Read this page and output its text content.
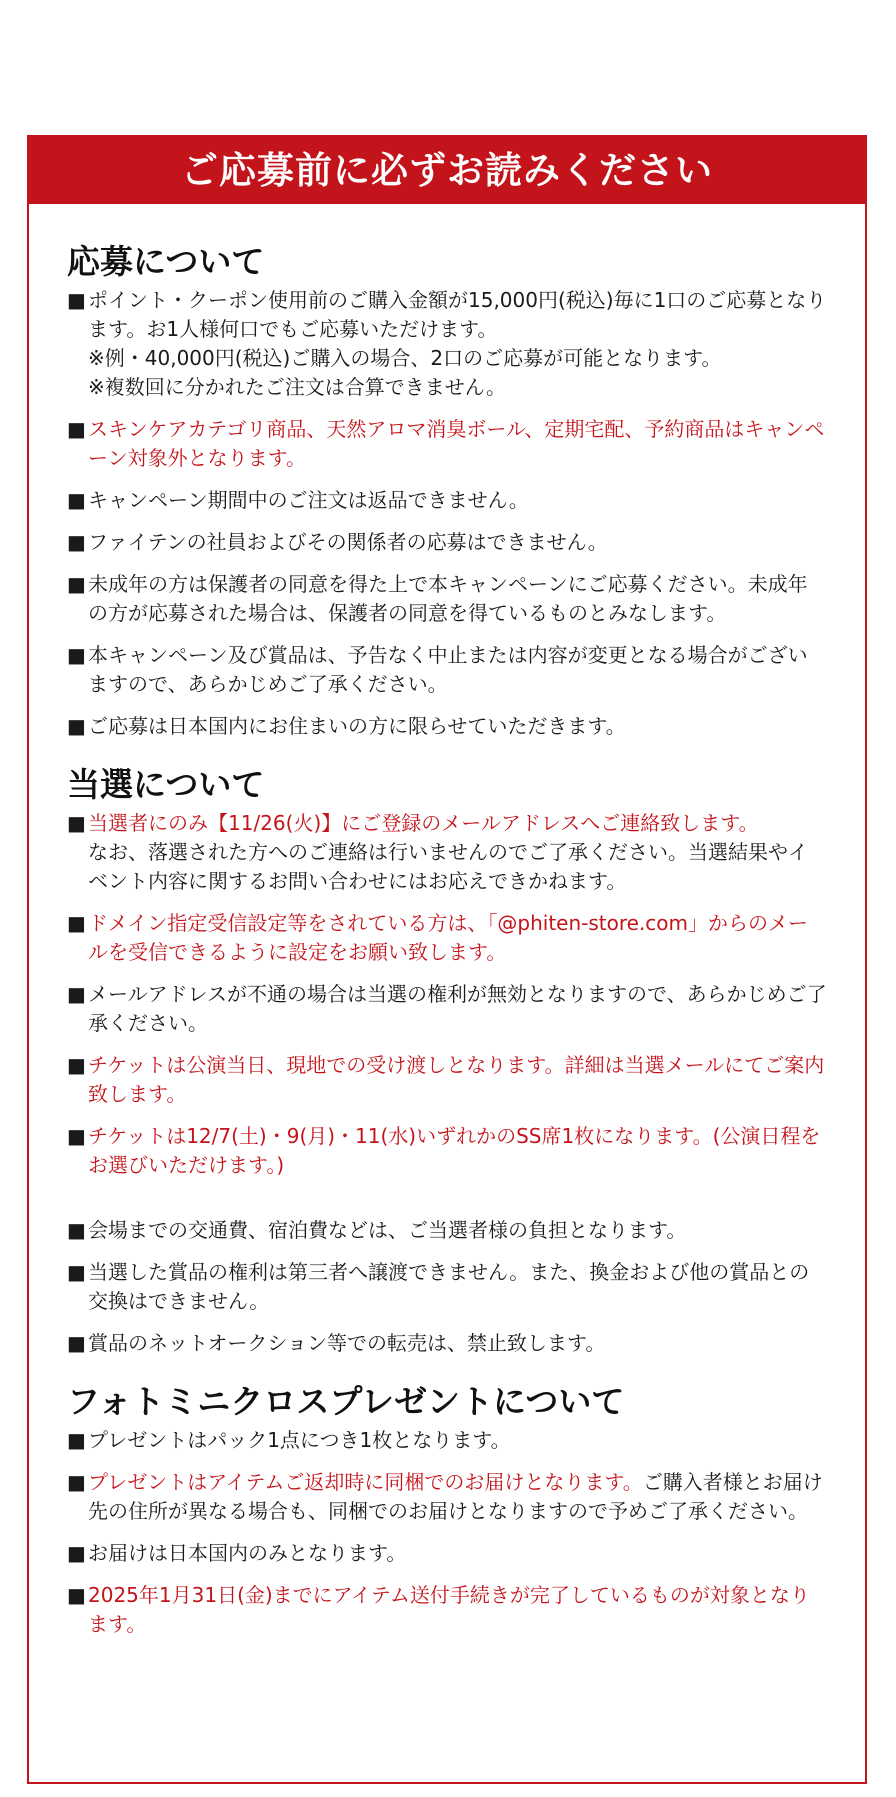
ご応募前に必ずお読みください
応募について
■ ポイント・クーポン使用前のご購入金額が15,000円(税込)毎に1口のご応募となります。お1人様何口でもご応募いただけます。
※例・40,000円(税込)ご購入の場合、2口のご応募が可能となります。
※複数回に分かれたご注文は合算できません。
■ スキンケアカテゴリ商品、天然アロマ消臭ボール、定期宅配、予約商品はキャンペーン対象外となります。
■ キャンペーン期間中のご注文は返品できません。
■ ファイテンの社員およびその関係者の応募はできません。
■ 未成年の方は保護者の同意を得た上で本キャンペーンにご応募ください。未成年の方が応募された場合は、保護者の同意を得ているものとみなします。
■ 本キャンペーン及び賞品は、予告なく中止または内容が変更となる場合がございますので、あらかじめご了承ください。
■ ご応募は日本国内にお住まいの方に限らせていただきます。
当選について
■ 当選者にのみ【11/26(火)】にご登録のメールアドレスへご連絡致します。
なお、落選された方へのご連絡は行いませんのでご了承ください。当選結果やイベント内容に関するお問い合わせにはお応えできかねます。
■ ドメイン指定受信設定等をされている方は、「@phiten-store.com」からのメールを受信できるように設定をお願い致します。
■ メールアドレスが不通の場合は当選の権利が無効となりますので、あらかじめご了承ください。
■ チケットは公演当日、現地での受け渡しとなります。詳細は当選メールにてご案内致します。
■ チケットは12/7(土)・9(月)・11(水)いずれかのSS席1枚になります。(公演日程をお選びいただけます。)
■ 会場までの交通費、宿泊費などは、ご当選者様の負担となります。
■ 当選した賞品の権利は第三者へ譲渡できません。また、換金および他の賞品との交換はできません。
■ 賞品のネットオークション等での転売は、禁止致します。
フォトミニクロスプレゼントについて
■ プレゼントはパック1点につき1枚となります。
■ プレゼントはアイテムご返却時に同梱でのお届けとなります。ご購入者様とお届け先の住所が異なる場合も、同梱でのお届けとなりますので予めご了承ください。
■ お届けは日本国内のみとなります。
■ 2025年1月31日(金)までにアイテム送付手続きが完了しているものが対象となります。
